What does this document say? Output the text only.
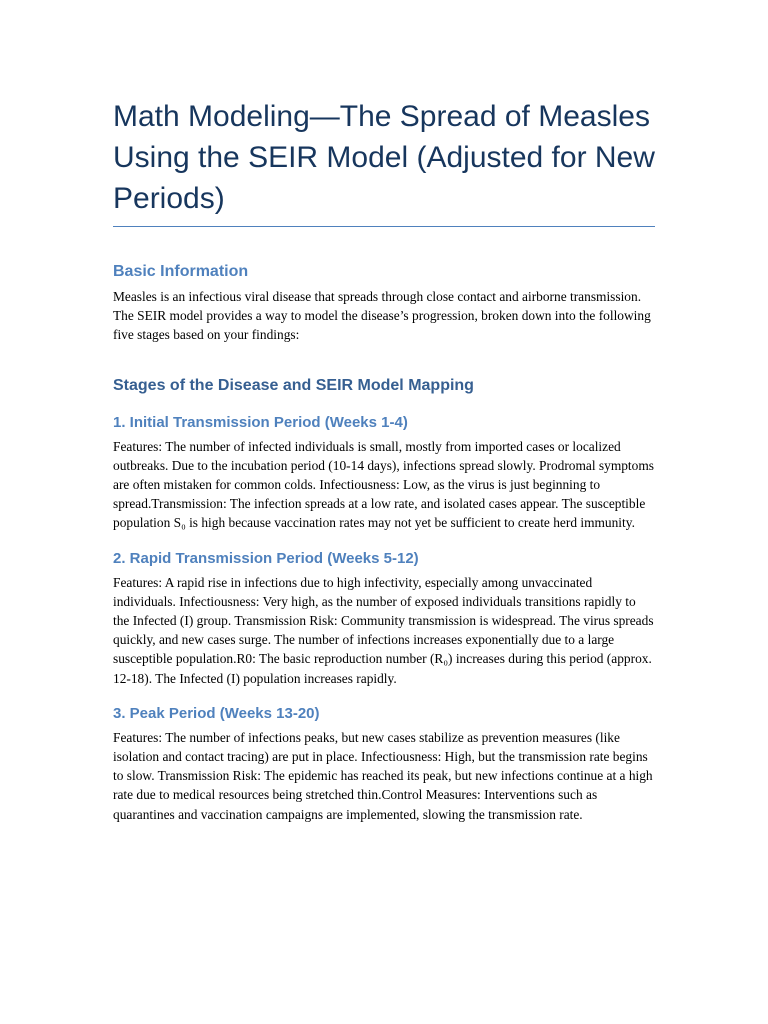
Math Modeling—The Spread of Measles Using the SEIR Model (Adjusted for New Periods)
Basic Information

Measles is an infectious viral disease that spreads through close contact and airborne transmission. The SEIR model provides a way to model the disease’s progression, broken down into the following five stages based on your findings:

Stages of the Disease and SEIR Model Mapping
1. Initial Transmission Period (Weeks 1-4)

Features: The number of infected individuals is small, mostly from imported cases or localized outbreaks. Due to the incubation period (10-14 days), infections spread slowly. Prodromal symptoms are often mistaken for common colds. Infectiousness: Low, as the virus is just beginning to spread.Transmission: The infection spreads at a low rate, and isolated cases appear. The susceptible population S₀ is high because vaccination rates may not yet be sufficient to create herd immunity.

2. Rapid Transmission Period (Weeks 5-12)

Features: A rapid rise in infections due to high infectivity, especially among unvaccinated individuals. Infectiousness: Very high, as the number of exposed individuals transitions rapidly to the Infected (I) group. Transmission Risk: Community transmission is widespread. The virus spreads quickly, and new cases surge. The number of infections increases exponentially due to a large susceptible population.R0: The basic reproduction number (R₀) increases during this period (approx. 12-18). The Infected (I) population increases rapidly.

3. Peak Period (Weeks 13-20)

Features: The number of infections peaks, but new cases stabilize as prevention measures (like isolation and contact tracing) are put in place. Infectiousness: High, but the transmission rate begins to slow. Transmission Risk: The epidemic has reached its peak, but new infections continue at a high rate due to medical resources being stretched thin.Control Measures: Interventions such as quarantines and vaccination campaigns are implemented, slowing the transmission rate.
